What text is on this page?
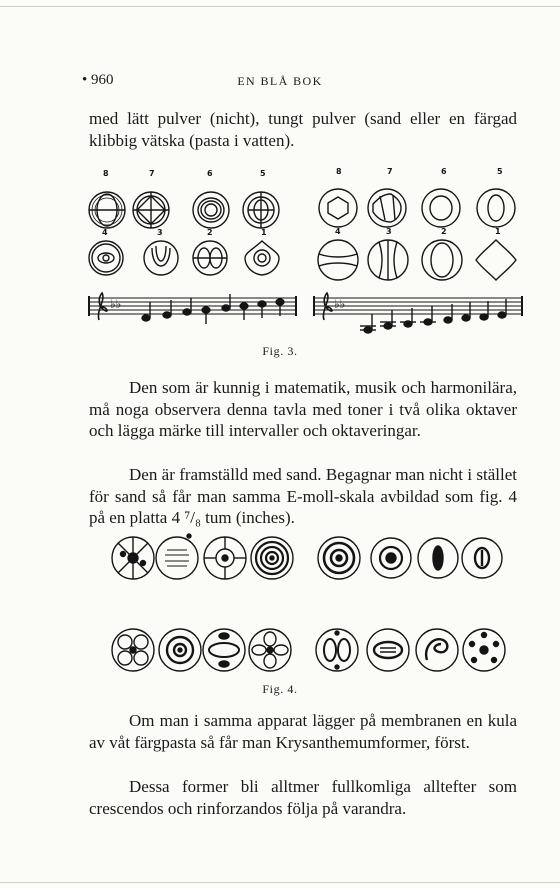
• 960	EN BLÅ BOK

med lätt pulver (nicht), tungt pulver (sand eller en färgad klibbig vätska (pasta i vatten).

♭♭	♭♭
8	7	6	5
4	3	2	1
8	7	6	5
4	3	2	1
Fig. 3.

Den som är kunnig i matematik, musik och harmonilära, må noga observera denna tavla med toner i två olika oktaver och lägga märke till intervaller och oktaveringar.

Den är framställd med sand. Begagnar man nicht i stället för sand så får man samma E-moll-skala avbildad som fig. 4 på en platta 4 ⁷/₈ tum (inches).

Fig. 4.

Om man i samma apparat lägger på membranen en kula av våt färgpasta så får man Krysanthemumformer, först.

Dessa former bli alltmer fullkomliga alltefter som crescendos och rinforzandos följa på varandra.
